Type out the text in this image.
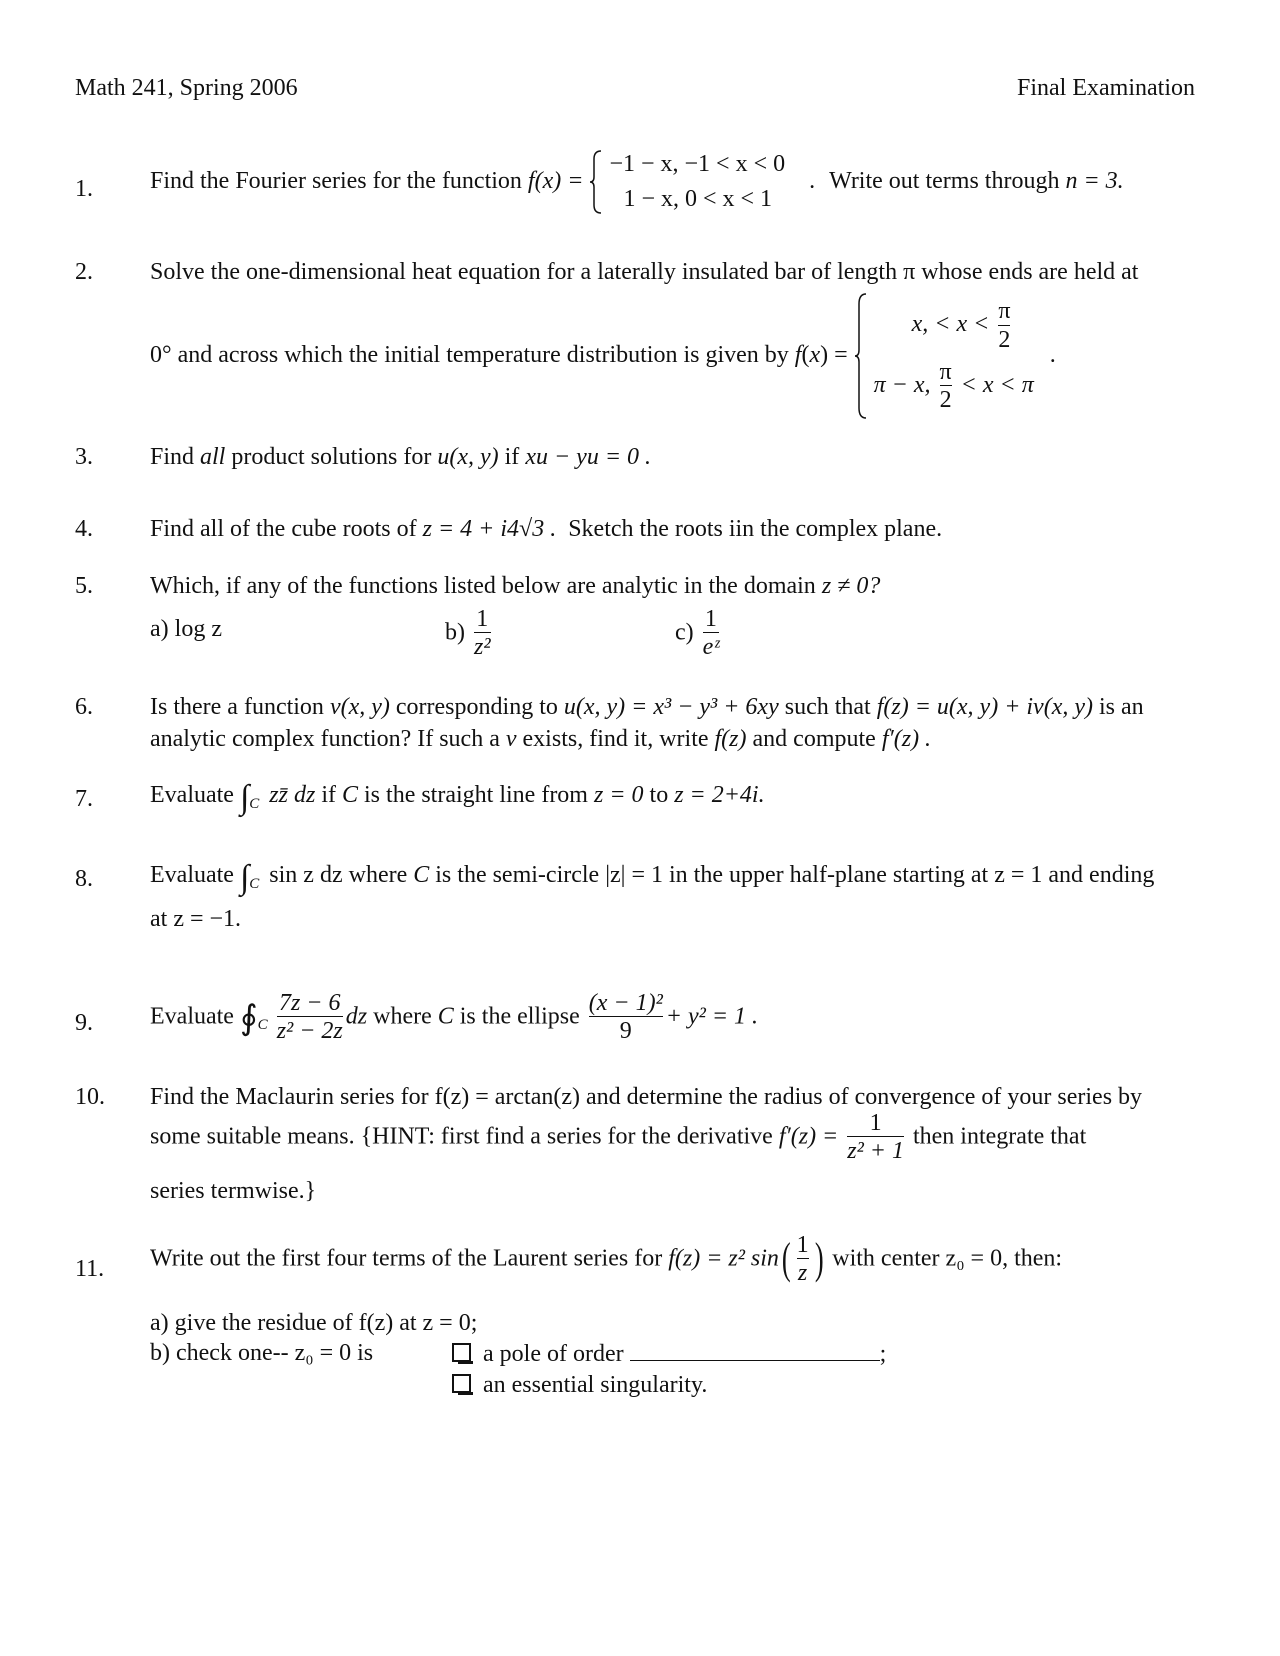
Math 241, Spring 2006	Final Examination
1. Find the Fourier series for the function f(x) =
−1 − x, −1 < x < 0
1 − x, 0 < x < 1
. Write out terms through n = 3.
2. Solve the one-dimensional heat equation for a laterally insulated bar of length π whose ends are held at
0° and across which the initial temperature distribution is given by f(x) =
x, < $x < \frac{\pi}{2}$
π − x, $\frac{\pi}{2} < x < \pi$
.
3. Find all product solutions for u(x, y) if xu − yu = 0 .
4. Find all of the cube roots of z = 4 + i4√3 . Sketch the roots iin the complex plane.
5. Which, if any of the functions listed below are analytic in the domain z ≠ 0?
a) log z	$b) \frac{1}{\text{z²}}$	$c) \frac{1}{\text{eᶻ}}$
6. Is there a function v(x, y) corresponding to u(x, y) = x³ − y³ + 6xy such that f(z) = u(x, y) + iv(x, y) is an
analytic complex function? If such a v exists, find it, write f(z) and compute f′(z) .
7. Evaluate $\int_C$ zz̄ dz if C is the straight line from z = 0 to z = 2+4i.
8. Evaluate $\int_C$ sin z dz where C is the semi-circle |z| = 1 in the upper half-plane starting at z = 1 and ending
at z = −1.
9. Evaluate $∮_C \frac{7z - 6}{\text{z² − 2z}}$ dz where C is the ellipse $\frac{\text{(x − 1)²}}{9} + y^2 = 1$ .
10. Find the Maclaurin series for f(z) = arctan(z) and determine the radius of convergence of your series by
some suitable means. {HINT: first find a series for the derivative $f'(z) = \frac{1}{\text{z² + 1}}$ then integrate that
series termwise.}
11. Write out the first four terms of the Laurent series for f(z) = z² $\sin( \frac{1}{z}$ ) with center z₀ = 0, then:
a) give the residue of f(z) at z = 0;
b) check one-- z₀ = 0 is	a pole of order	;
an essential singularity.
